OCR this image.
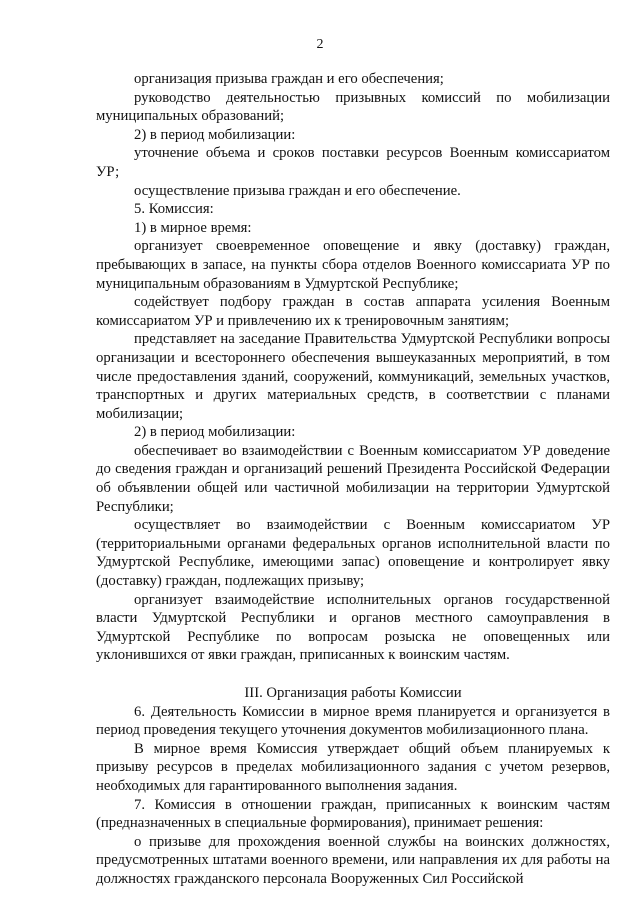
2

организация призыва граждан и его обеспечения;

руководство деятельностью призывных комиссий по мобилизации муниципальных образований;

2) в период мобилизации:

уточнение объема и сроков поставки ресурсов Военным комиссариатом УР;

осуществление призыва граждан и его обеспечение.

5. Комиссия:

1) в мирное время:

организует своевременное оповещение и явку (доставку) граждан, пребывающих в запасе, на пункты сбора отделов Военного комиссариата УР по муниципальным образованиям в Удмуртской Республике;

содействует подбору граждан в состав аппарата усиления Военным комиссариатом УР и привлечению их к тренировочным занятиям;

представляет на заседание Правительства Удмуртской Республики вопросы организации и всестороннего обеспечения вышеуказанных мероприятий, в том числе предоставления зданий, сооружений, коммуникаций, земельных участков, транспортных и других материальных средств, в соответствии с планами мобилизации;

2) в период мобилизации:

обеспечивает во взаимодействии с Военным комиссариатом УР доведение до сведения граждан и организаций решений Президента Российской Федерации об объявлении общей или частичной мобилизации на территории Удмуртской Республики;

осуществляет во взаимодействии с Военным комиссариатом УР (территориальными органами федеральных органов исполнительной власти по Удмуртской Республике, имеющими запас) оповещение и контролирует явку (доставку) граждан, подлежащих призыву;

организует взаимодействие исполнительных органов государственной власти Удмуртской Республики и органов местного самоуправления в Удмуртской Республике по вопросам розыска не оповещенных или уклонившихся от явки граждан, приписанных к воинским частям.

III. Организация работы Комиссии

6. Деятельность Комиссии в мирное время планируется и организуется в период проведения текущего уточнения документов мобилизационного плана.

В мирное время Комиссия утверждает общий объем планируемых к призыву ресурсов в пределах мобилизационного задания с учетом резервов, необходимых для гарантированного выполнения задания.

7. Комиссия в отношении граждан, приписанных к воинским частям (предназначенных в специальные формирования), принимает решения:

о призыве для прохождения военной службы на воинских должностях, предусмотренных штатами военного времени, или направления их для работы на должностях гражданского персонала Вооруженных Сил Российской
